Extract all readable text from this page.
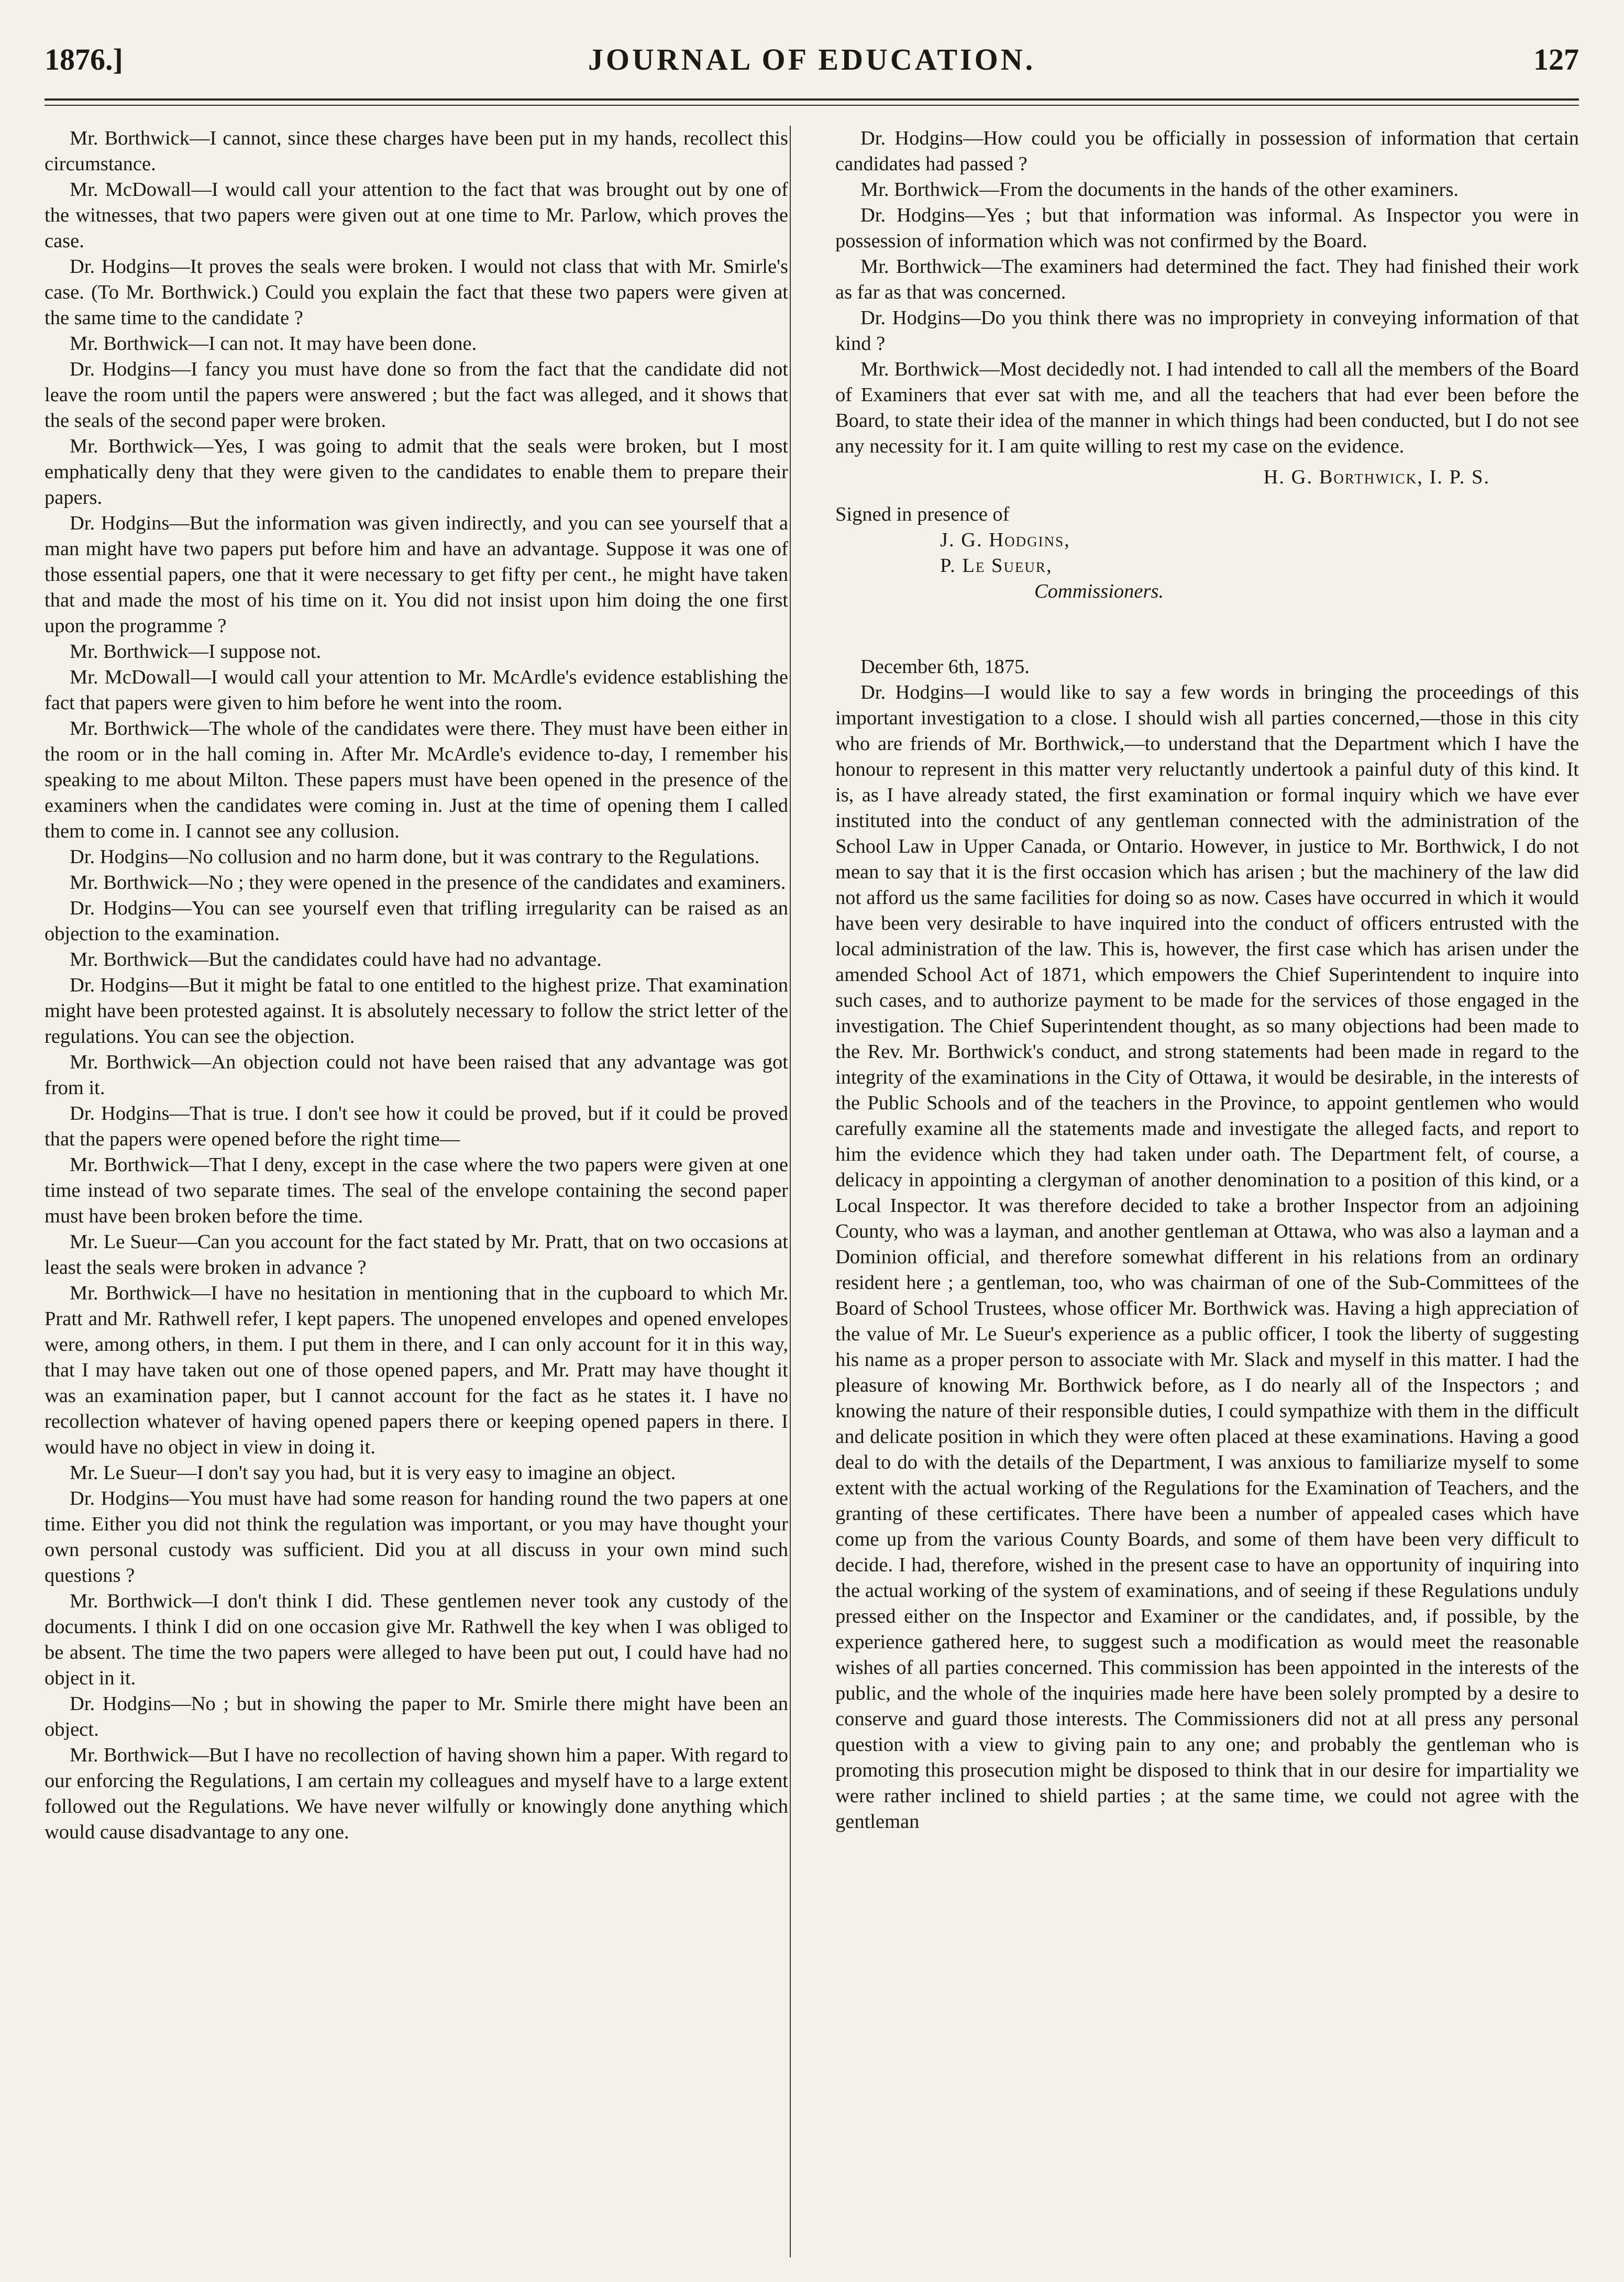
1876.]	JOURNAL OF EDUCATION.	127

Mr. Borthwick—I cannot, since these charges have been put in my hands, recollect this circumstance.

Mr. McDowall—I would call your attention to the fact that was brought out by one of the witnesses, that two papers were given out at one time to Mr. Parlow, which proves the case.

Dr. Hodgins—It proves the seals were broken. I would not class that with Mr. Smirle's case. (To Mr. Borthwick.) Could you explain the fact that these two papers were given at the same time to the candidate ?

Mr. Borthwick—I can not. It may have been done.

Dr. Hodgins—I fancy you must have done so from the fact that the candidate did not leave the room until the papers were answered ; but the fact was alleged, and it shows that the seals of the second paper were broken.

Mr. Borthwick—Yes, I was going to admit that the seals were broken, but I most emphatically deny that they were given to the candidates to enable them to prepare their papers.

Dr. Hodgins—But the information was given indirectly, and you can see yourself that a man might have two papers put before him and have an advantage. Suppose it was one of those essential papers, one that it were necessary to get fifty per cent., he might have taken that and made the most of his time on it. You did not insist upon him doing the one first upon the programme ?

Mr. Borthwick—I suppose not.

Mr. McDowall—I would call your attention to Mr. McArdle's evidence establishing the fact that papers were given to him before he went into the room.

Mr. Borthwick—The whole of the candidates were there. They must have been either in the room or in the hall coming in. After Mr. McArdle's evidence to-day, I remember his speaking to me about Milton. These papers must have been opened in the presence of the examiners when the candidates were coming in. Just at the time of opening them I called them to come in. I cannot see any collusion.

Dr. Hodgins—No collusion and no harm done, but it was contrary to the Regulations.

Mr. Borthwick—No ; they were opened in the presence of the candidates and examiners.

Dr. Hodgins—You can see yourself even that trifling irregularity can be raised as an objection to the examination.

Mr. Borthwick—But the candidates could have had no advantage.

Dr. Hodgins—But it might be fatal to one entitled to the highest prize. That examination might have been protested against. It is absolutely necessary to follow the strict letter of the regulations. You can see the objection.

Mr. Borthwick—An objection could not have been raised that any advantage was got from it.

Dr. Hodgins—That is true. I don't see how it could be proved, but if it could be proved that the papers were opened before the right time—

Mr. Borthwick—That I deny, except in the case where the two papers were given at one time instead of two separate times. The seal of the envelope containing the second paper must have been broken before the time.

Mr. Le Sueur—Can you account for the fact stated by Mr. Pratt, that on two occasions at least the seals were broken in advance ?

Mr. Borthwick—I have no hesitation in mentioning that in the cupboard to which Mr. Pratt and Mr. Rathwell refer, I kept papers. The unopened envelopes and opened envelopes were, among others, in them. I put them in there, and I can only account for it in this way, that I may have taken out one of those opened papers, and Mr. Pratt may have thought it was an examination paper, but I cannot account for the fact as he states it. I have no recollection whatever of having opened papers there or keeping opened papers in there. I would have no object in view in doing it.

Mr. Le Sueur—I don't say you had, but it is very easy to imagine an object.

Dr. Hodgins—You must have had some reason for handing round the two papers at one time. Either you did not think the regulation was important, or you may have thought your own personal custody was sufficient. Did you at all discuss in your own mind such questions ?

Mr. Borthwick—I don't think I did. These gentlemen never took any custody of the documents. I think I did on one occasion give Mr. Rathwell the key when I was obliged to be absent. The time the two papers were alleged to have been put out, I could have had no object in it.

Dr. Hodgins—No ; but in showing the paper to Mr. Smirle there might have been an object.

Mr. Borthwick—But I have no recollection of having shown him a paper. With regard to our enforcing the Regulations, I am certain my colleagues and myself have to a large extent followed out the Regulations. We have never wilfully or knowingly done anything which would cause disadvantage to any one.

Dr. Hodgins—How could you be officially in possession of information that certain candidates had passed ?

Mr. Borthwick—From the documents in the hands of the other examiners.

Dr. Hodgins—Yes ; but that information was informal. As Inspector you were in possession of information which was not confirmed by the Board.

Mr. Borthwick—The examiners had determined the fact. They had finished their work as far as that was concerned.

Dr. Hodgins—Do you think there was no impropriety in conveying information of that kind ?

Mr. Borthwick—Most decidedly not. I had intended to call all the members of the Board of Examiners that ever sat with me, and all the teachers that had ever been before the Board, to state their idea of the manner in which things had been conducted, but I do not see any necessity for it. I am quite willing to rest my case on the evidence.

H. G. Borthwick, I. P. S.

Signed in presence of

J. G. Hodgins,

P. Le Sueur,

Commissioners.

December 6th, 1875.

Dr. Hodgins—I would like to say a few words in bringing the proceedings of this important investigation to a close. I should wish all parties concerned,—those in this city who are friends of Mr. Borthwick,—to understand that the Department which I have the honour to represent in this matter very reluctantly undertook a painful duty of this kind. It is, as I have already stated, the first examination or formal inquiry which we have ever instituted into the conduct of any gentleman connected with the administration of the School Law in Upper Canada, or Ontario. However, in justice to Mr. Borthwick, I do not mean to say that it is the first occasion which has arisen ; but the machinery of the law did not afford us the same facilities for doing so as now. Cases have occurred in which it would have been very desirable to have inquired into the conduct of officers entrusted with the local administration of the law. This is, however, the first case which has arisen under the amended School Act of 1871, which empowers the Chief Superintendent to inquire into such cases, and to authorize payment to be made for the services of those engaged in the investigation. The Chief Superintendent thought, as so many objections had been made to the Rev. Mr. Borthwick's conduct, and strong statements had been made in regard to the integrity of the examinations in the City of Ottawa, it would be desirable, in the interests of the Public Schools and of the teachers in the Province, to appoint gentlemen who would carefully examine all the statements made and investigate the alleged facts, and report to him the evidence which they had taken under oath. The Department felt, of course, a delicacy in appointing a clergyman of another denomination to a position of this kind, or a Local Inspector. It was therefore decided to take a brother Inspector from an adjoining County, who was a layman, and another gentleman at Ottawa, who was also a layman and a Dominion official, and therefore somewhat different in his relations from an ordinary resident here ; a gentleman, too, who was chairman of one of the Sub-Committees of the Board of School Trustees, whose officer Mr. Borthwick was. Having a high appreciation of the value of Mr. Le Sueur's experience as a public officer, I took the liberty of suggesting his name as a proper person to associate with Mr. Slack and myself in this matter. I had the pleasure of knowing Mr. Borthwick before, as I do nearly all of the Inspectors ; and knowing the nature of their responsible duties, I could sympathize with them in the difficult and delicate position in which they were often placed at these examinations. Having a good deal to do with the details of the Department, I was anxious to familiarize myself to some extent with the actual working of the Regulations for the Examination of Teachers, and the granting of these certificates. There have been a number of appealed cases which have come up from the various County Boards, and some of them have been very difficult to decide. I had, therefore, wished in the present case to have an opportunity of inquiring into the actual working of the system of examinations, and of seeing if these Regulations unduly pressed either on the Inspector and Examiner or the candidates, and, if possible, by the experience gathered here, to suggest such a modification as would meet the reasonable wishes of all parties concerned. This commission has been appointed in the interests of the public, and the whole of the inquiries made here have been solely prompted by a desire to conserve and guard those interests. The Commissioners did not at all press any personal question with a view to giving pain to any one; and probably the gentleman who is promoting this prosecution might be disposed to think that in our desire for impartiality we were rather inclined to shield parties ; at the same time, we could not agree with the gentleman
